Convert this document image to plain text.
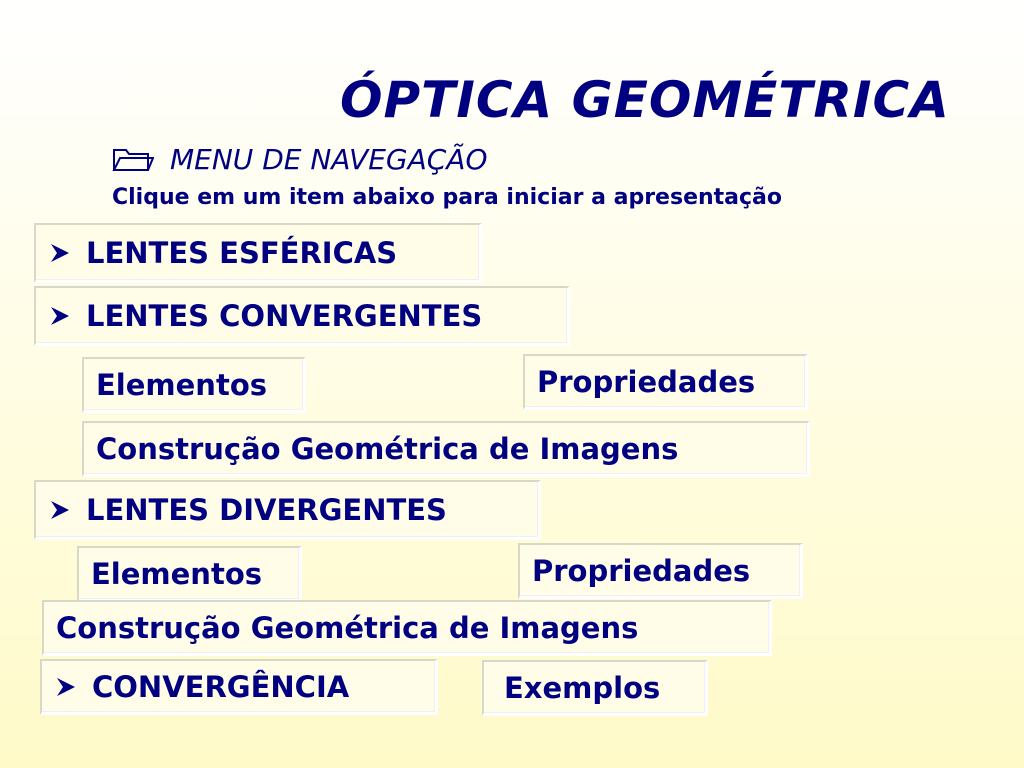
ÓPTICA GEOMÉTRICA
MENU DE NAVEGAÇÃO
Clique em um item abaixo para iniciar a apresentação
LENTES ESFÉRICAS
LENTES CONVERGENTES
Elementos	Propriedades
Construção Geométrica de Imagens
LENTES DIVERGENTES
Elementos	Propriedades
Construção Geométrica de Imagens
CONVERGÊNCIA	Exemplos
